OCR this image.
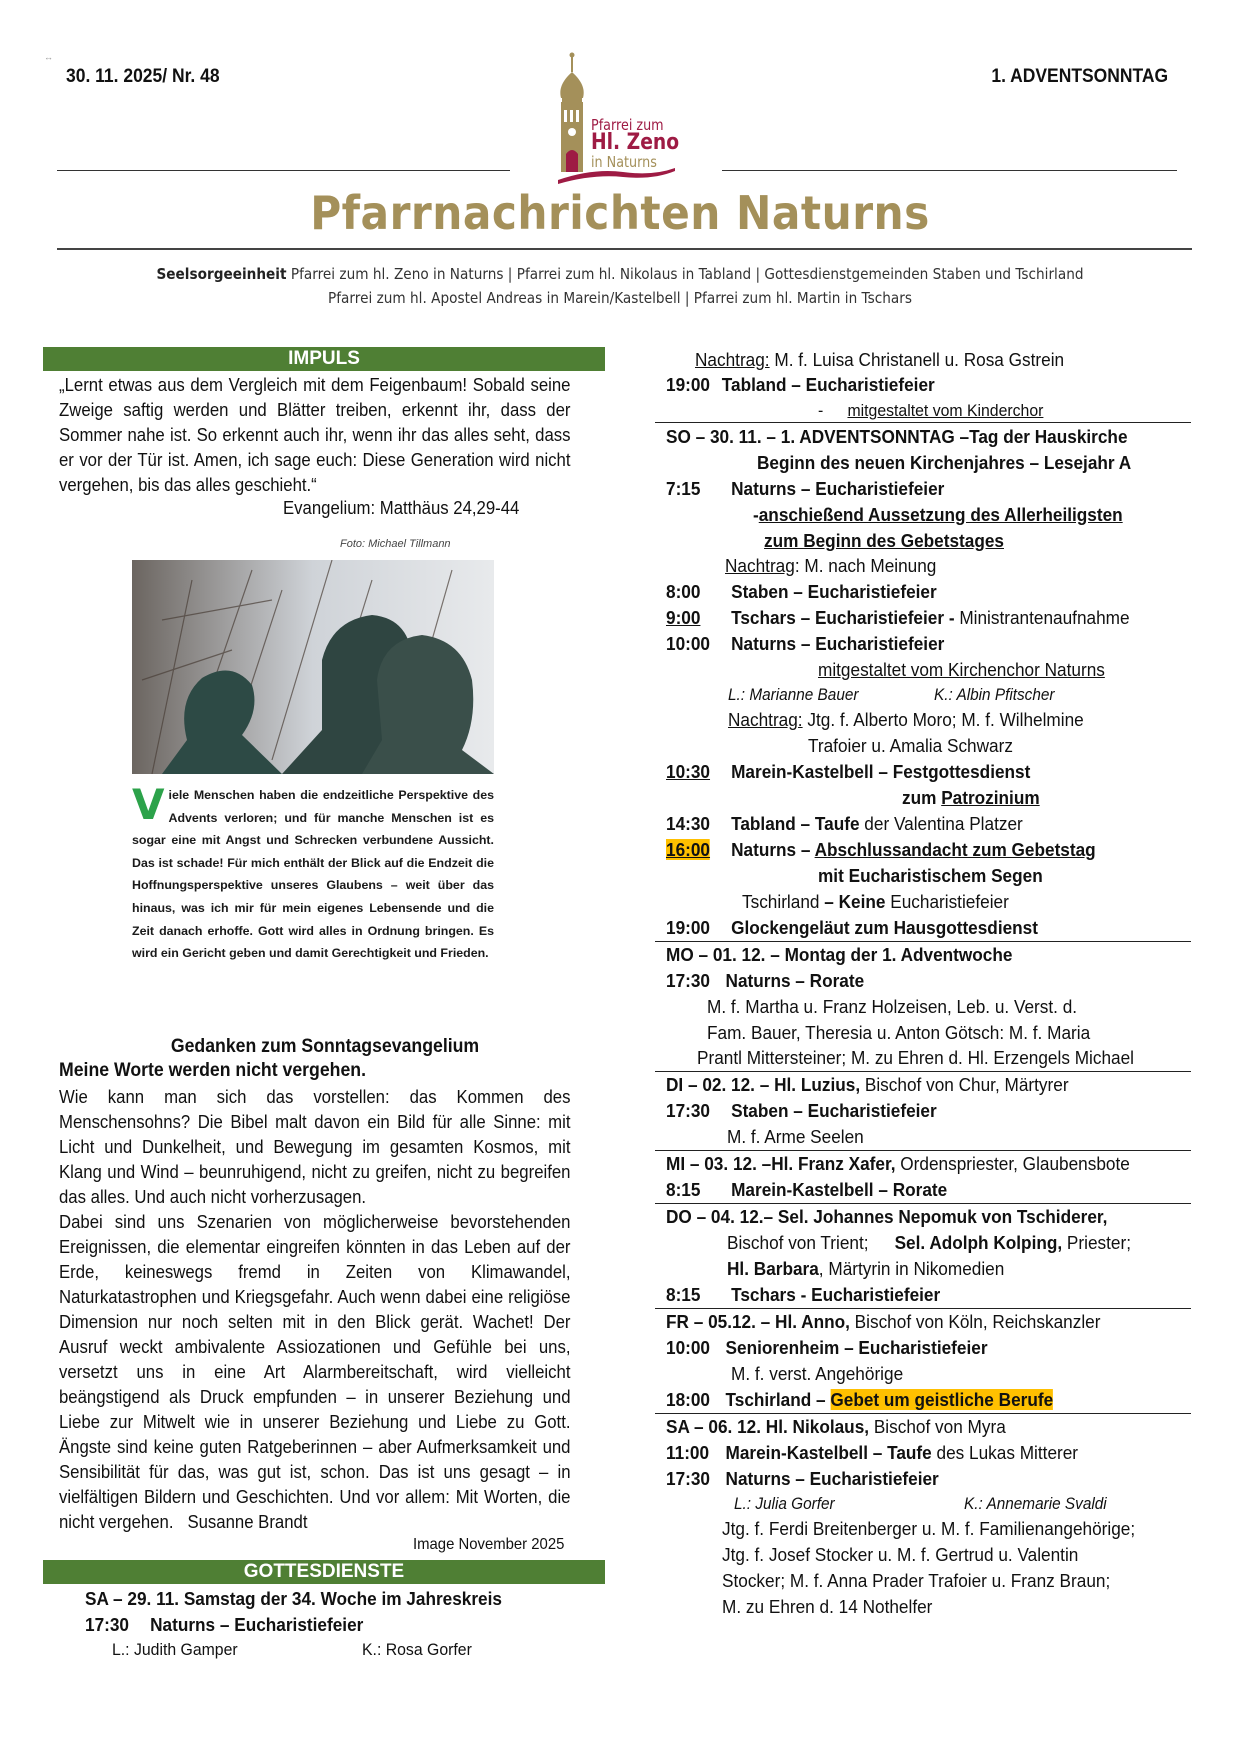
↔
30. 11. 2025/ Nr. 48	1. ADVENTSONNTAG
Pfarrei zum
Hl. Zeno
in Naturns
Pfarrnachrichten Naturns
Seelsorgeeinheit Pfarrei zum hl. Zeno in Naturns | Pfarrei zum hl. Nikolaus in Tabland | Gottesdienstgemeinden Staben und Tschirland
Pfarrei zum hl. Apostel Andreas in Marein/Kastelbell | Pfarrei zum hl. Martin in Tschars
IMPULS
„Lernt etwas aus dem Vergleich mit dem Feigenbaum! Sobald seine Zweige saftig werden und Blätter treiben, erkennt ihr, dass der Sommer nahe ist. So erkennt auch ihr, wenn ihr das alles seht, dass er vor der Tür ist. Amen, ich sage euch: Diese Generation wird nicht vergehen, bis das alles geschieht.“
Evangelium: Matthäus 24,29-44
Foto: Michael Tillmann
Viele Menschen haben die endzeitliche Perspektive des Advents verloren; und für manche Menschen ist es sogar eine mit Angst und Schrecken verbundene Aussicht. Das ist schade! Für mich enthält der Blick auf die Endzeit die Hoffnungsperspektive unseres Glaubens – weit über das hinaus, was ich mir für mein eigenes Lebensende und die Zeit danach erhoffe. Gott wird alles in Ordnung bringen. Es wird ein Gericht geben und damit Gerechtigkeit und Frieden.
Gedanken zum Sonntagsevangelium
Meine Worte werden nicht vergehen.
Wie kann man sich das vorstellen: das Kommen des Menschensohns? Die Bibel malt davon ein Bild für alle Sinne: mit Licht und Dunkelheit, und Bewegung im gesamten Kosmos, mit Klang und Wind – beunruhigend, nicht zu greifen, nicht zu begreifen das alles. Und auch nicht vorherzusagen.
Dabei sind uns Szenarien von möglicherweise bevorstehenden Ereignissen, die elementar eingreifen könnten in das Leben auf der Erde, keineswegs fremd in Zeiten von Klimawandel, Naturkatastrophen und Kriegsgefahr. Auch wenn dabei eine religiöse Dimension nur noch selten mit in den Blick gerät. Wachet! Der Ausruf weckt ambivalente Assiozationen und Gefühle bei uns, versetzt uns in eine Art Alarmbereitschaft, wird vielleicht beängstigend als Druck empfunden – in unserer Beziehung und Liebe zur Mitwelt wie in unserer Beziehung und Liebe zu Gott. Ängste sind keine guten Ratgeberinnen – aber Aufmerksamkeit und Sensibilität für das, was gut ist, schon. Das ist uns gesagt – in vielfältigen Bildern und Geschichten. Und vor allem: Mit Worten, die nicht vergehen. Susanne Brandt
Image November 2025
GOTTESDIENSTE
SA – 29. 11. Samstag der 34. Woche im Jahreskreis
17:30 Naturns – Eucharistiefeier
L.: Judith Gamper	K.: Rosa Gorfer
Nachtrag: M. f. Luisa Christanell u. Rosa Gstrein
19:00 Tabland – Eucharistiefeier
- mitgestaltet vom Kinderchor
SO – 30. 11. – 1. ADVENTSONNTAG –Tag der Hauskirche
Beginn des neuen Kirchenjahres – Lesejahr A
7:15 Naturns – Eucharistiefeier
-anschießend Aussetzung des Allerheiligsten
zum Beginn des Gebetstages
Nachtrag: M. nach Meinung
8:00 Staben – Eucharistiefeier
9:00 Tschars – Eucharistiefeier - Ministrantenaufnahme
10:00 Naturns – Eucharistiefeier
mitgestaltet vom Kirchenchor Naturns
L.: Marianne Bauer	K.: Albin Pfitscher
Nachtrag: Jtg. f. Alberto Moro; M. f. Wilhelmine
Trafoier u. Amalia Schwarz
10:30 Marein-Kastelbell – Festgottesdienst
zum Patrozinium
14:30 Tabland – Taufe der Valentina Platzer
16:00 Naturns – Abschlussandacht zum Gebetstag
mit Eucharistischem Segen
Tschirland – Keine Eucharistiefeier
19:00 Glockengeläut zum Hausgottesdienst
MO – 01. 12. – Montag der 1. Adventwoche
17:30 Naturns – Rorate
M. f. Martha u. Franz Holzeisen, Leb. u. Verst. d.
Fam. Bauer, Theresia u. Anton Götsch: M. f. Maria
Prantl Mittersteiner; M. zu Ehren d. Hl. Erzengels Michael
DI – 02. 12. – Hl. Luzius, Bischof von Chur, Märtyrer
17:30 Staben – Eucharistiefeier
M. f. Arme Seelen
MI – 03. 12. –Hl. Franz Xafer, Ordenspriester, Glaubensbote
8:15 Marein-Kastelbell – Rorate
DO – 04. 12.– Sel. Johannes Nepomuk von Tschiderer,
Bischof von Trient; Sel. Adolph Kolping, Priester;
Hl. Barbara, Märtyrin in Nikomedien
8:15 Tschars - Eucharistiefeier
FR – 05.12. – Hl. Anno, Bischof von Köln, Reichskanzler
10:00 Seniorenheim – Eucharistiefeier
M. f. verst. Angehörige
18:00 Tschirland – Gebet um geistliche Berufe
SA – 06. 12. Hl. Nikolaus, Bischof von Myra
11:00 Marein-Kastelbell – Taufe des Lukas Mitterer
17:30 Naturns – Eucharistiefeier
L.: Julia Gorfer	K.: Annemarie Svaldi
Jtg. f. Ferdi Breitenberger u. M. f. Familienangehörige;
Jtg. f. Josef Stocker u. M. f. Gertrud u. Valentin
Stocker; M. f. Anna Prader Trafoier u. Franz Braun;
M. zu Ehren d. 14 Nothelfer
